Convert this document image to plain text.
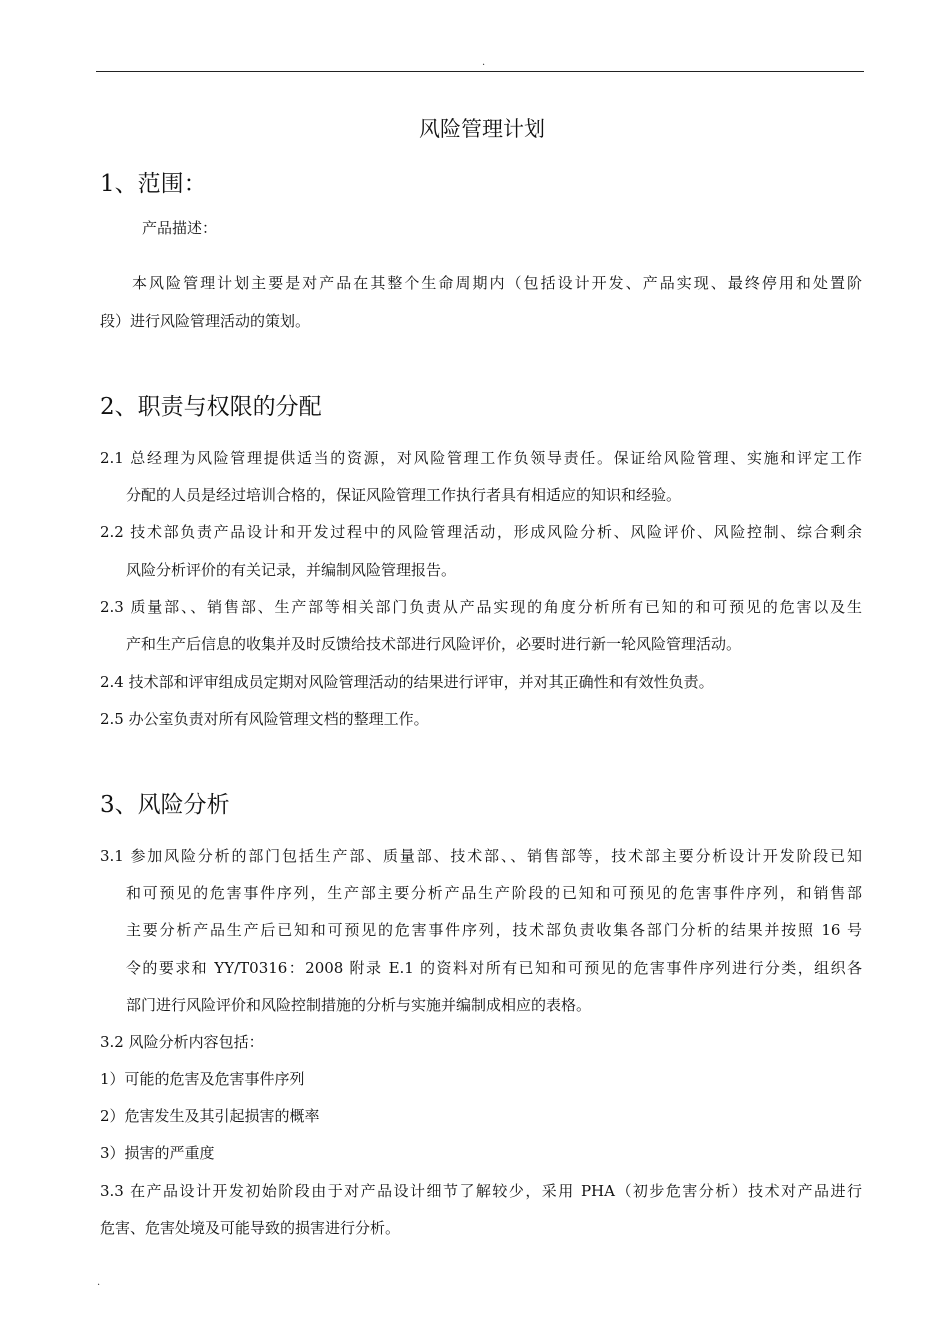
.
风险管理计划
1、范围：
产品描述：
本风险管理计划主要是对产品在其整个生命周期内（包括设计开发、产品实现、最终停用和处置阶
段）进行风险管理活动的策划。
2、职责与权限的分配
2.1 总经理为风险管理提供适当的资源，对风险管理工作负领导责任。保证给风险管理、实施和评定工作
分配的人员是经过培训合格的，保证风险管理工作执行者具有相适应的知识和经验。
2.2 技术部负责产品设计和开发过程中的风险管理活动，形成风险分析、风险评价、风险控制、综合剩余
风险分析评价的有关记录，并编制风险管理报告。
2.3 质量部、、销售部、生产部等相关部门负责从产品实现的角度分析所有已知的和可预见的危害以及生
产和生产后信息的收集并及时反馈给技术部进行风险评价，必要时进行新一轮风险管理活动。
2.4 技术部和评审组成员定期对风险管理活动的结果进行评审，并对其正确性和有效性负责。
2.5 办公室负责对所有风险管理文档的整理工作。
3、风险分析
3.1 参加风险分析的部门包括生产部、质量部、技术部、、销售部等，技术部主要分析设计开发阶段已知
和可预见的危害事件序列，生产部主要分析产品生产阶段的已知和可预见的危害事件序列，和销售部
主要分析产品生产后已知和可预见的危害事件序列，技术部负责收集各部门分析的结果并按照 16 号
令的要求和 YY/T0316：2008 附录 E.1 的资料对所有已知和可预见的危害事件序列进行分类，组织各
部门进行风险评价和风险控制措施的分析与实施并编制成相应的表格。
3.2 风险分析内容包括：
1）可能的危害及危害事件序列
2）危害发生及其引起损害的概率
3）损害的严重度
3.3 在产品设计开发初始阶段由于对产品设计细节了解较少，采用 PHA（初步危害分析）技术对产品进行
危害、危害处境及可能导致的损害进行分析。
.
